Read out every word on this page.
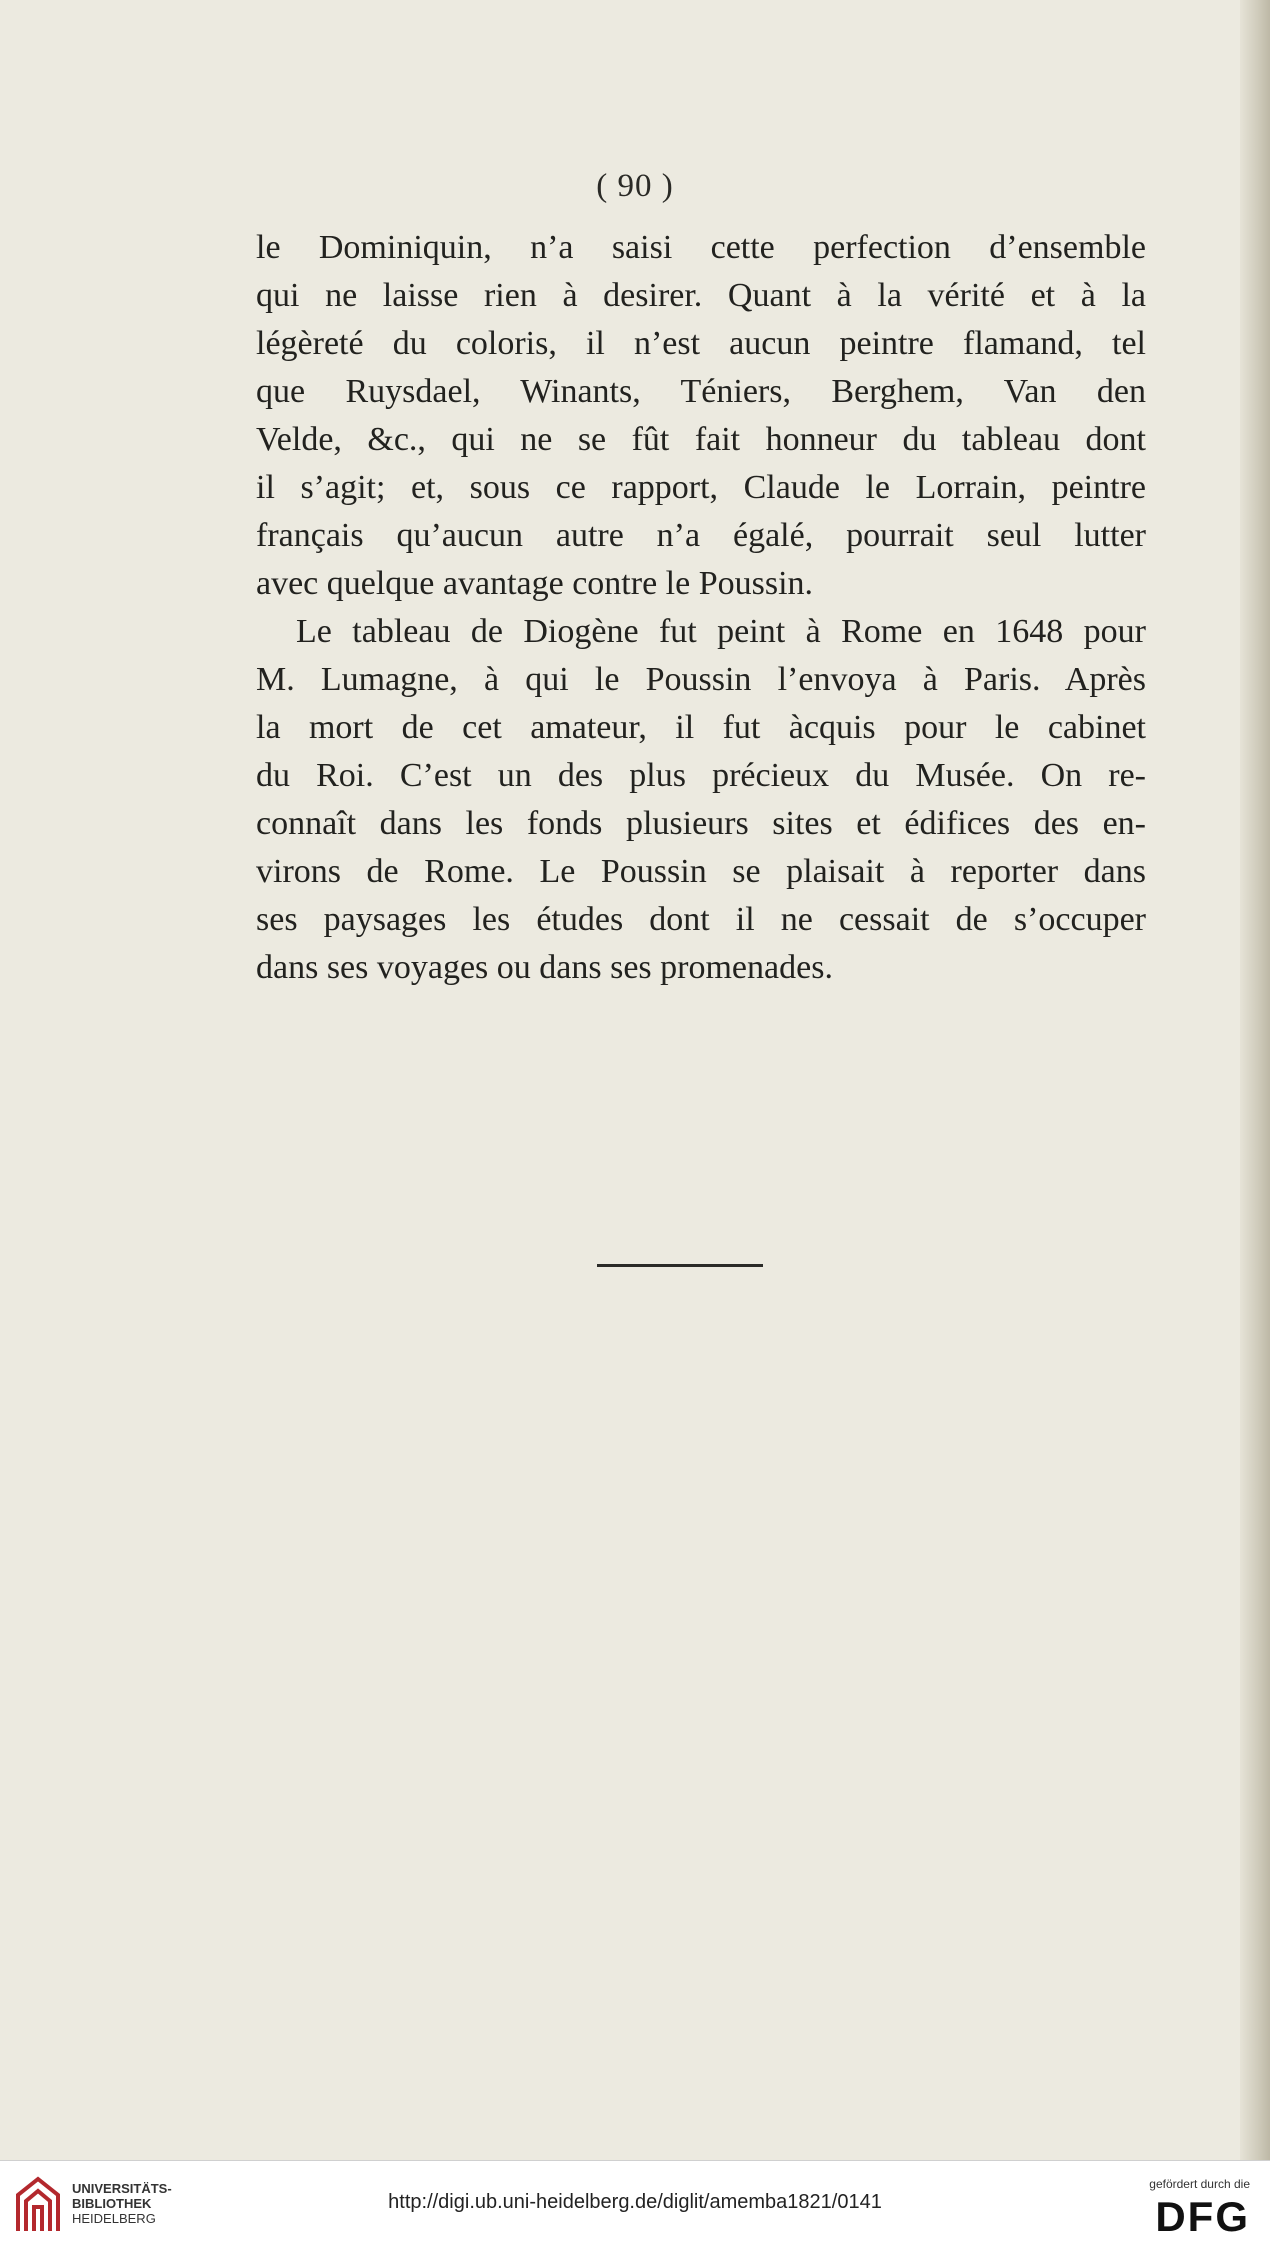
( 90 )
le Dominiquin, n’a saisi cette perfection d’ensemble
qui ne laisse rien à desirer. Quant à la vérité et à la
légèreté du coloris, il n’est aucun peintre flamand, tel
que Ruysdael, Winants, Téniers, Berghem, Van den
Velde, &c., qui ne se fût fait honneur du tableau dont
il s’agit; et, sous ce rapport, Claude le Lorrain, peintre
français qu’aucun autre n’a égalé, pourrait seul lutter
avec quelque avantage contre le Poussin.
Le tableau de Diogène fut peint à Rome en 1648 pour
M. Lumagne, à qui le Poussin l’envoya à Paris. Après
la mort de cet amateur, il fut àcquis pour le cabinet
du Roi. C’est un des plus précieux du Musée. On re-
connaît dans les fonds plusieurs sites et édifices des en-
virons de Rome. Le Poussin se plaisait à reporter dans
ses paysages les études dont il ne cessait de s’occuper
dans ses voyages ou dans ses promenades.
UNIVERSITÄTS-
BIBLIOTHEK
HEIDELBERG
http://digi.ub.uni-heidelberg.de/diglit/amemba1821/0141
gefördert durch die
DFG
